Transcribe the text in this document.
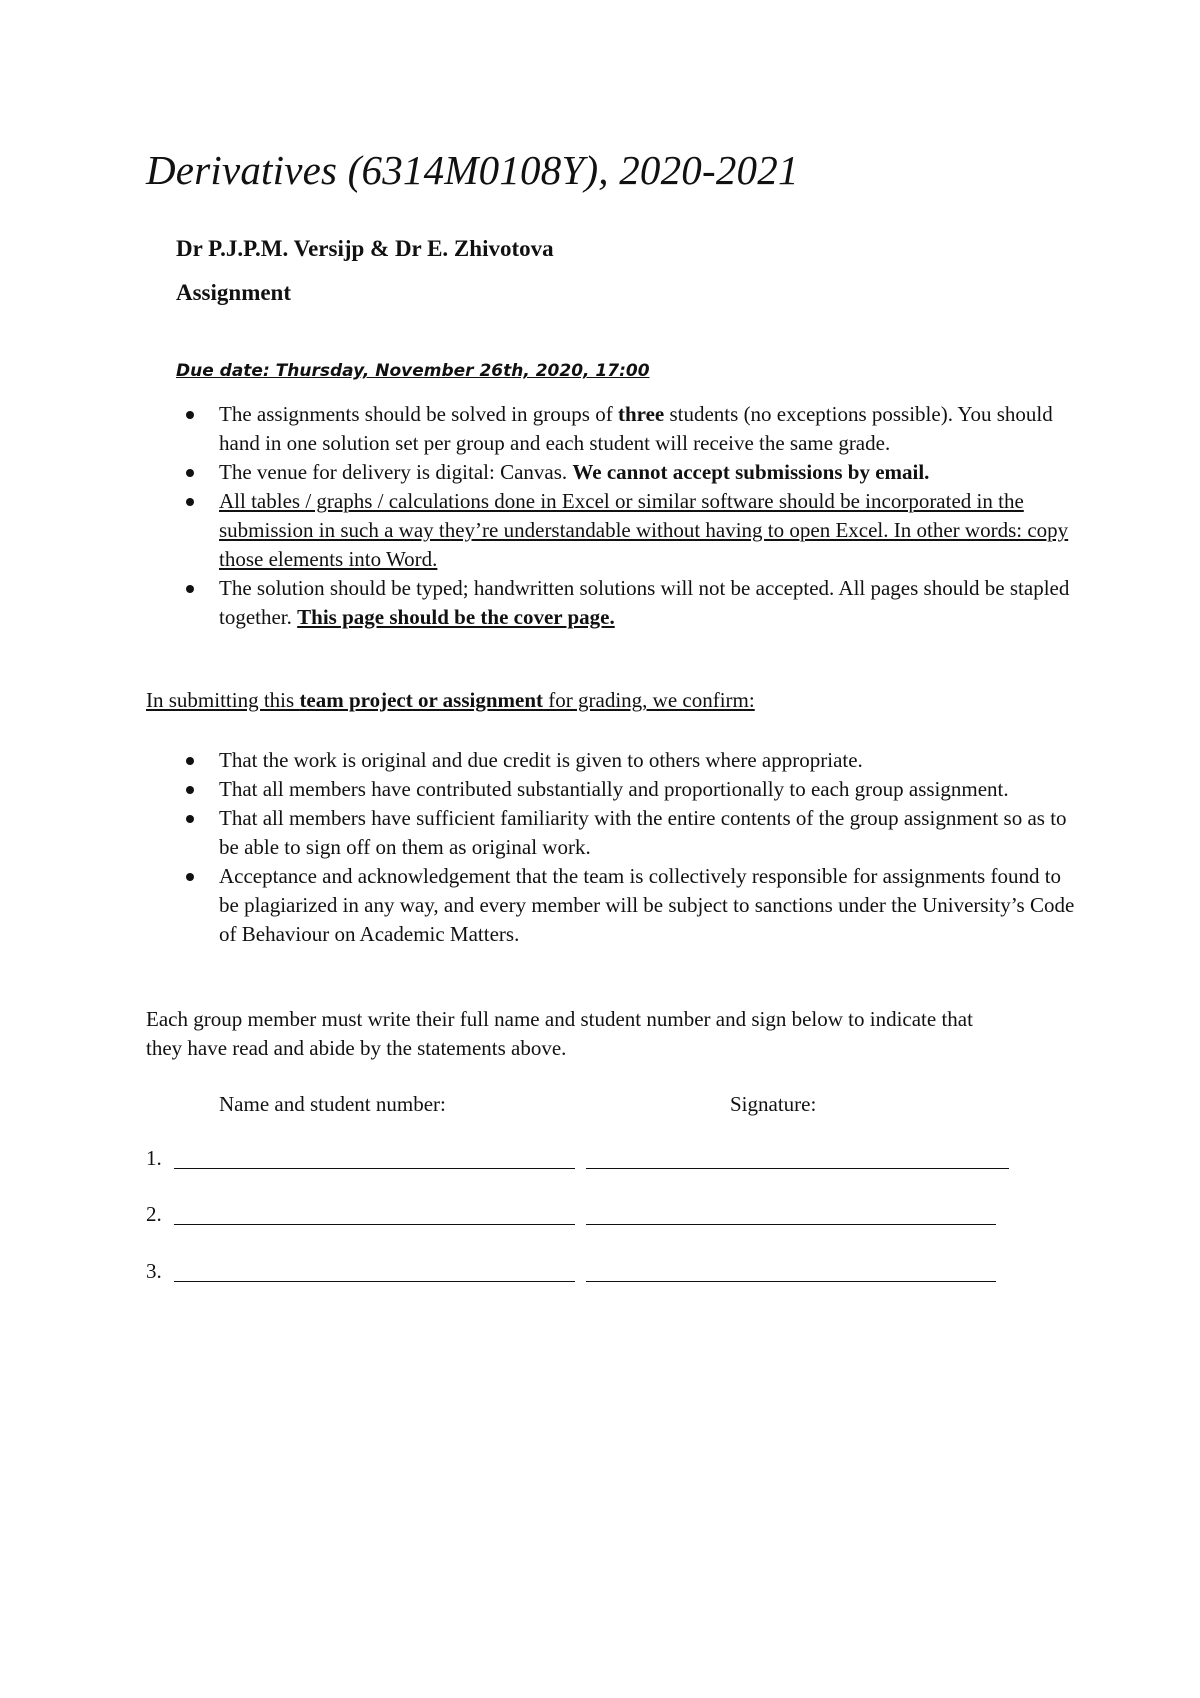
Derivatives (6314M0108Y), 2020-2021

Dr P.J.P.M. Versijp & Dr E. Zhivotova

Assignment

Due date: Thursday, November 26th, 2020, 17:00

The assignments should be solved in groups of three students (no exceptions possible). You should hand in one solution set per group and each student will receive the same grade.
The venue for delivery is digital: Canvas. We cannot accept submissions by email.
All tables / graphs / calculations done in Excel or similar software should be incorporated in the submission in such a way they’re understandable without having to open Excel. In other words: copy those elements into Word.
The solution should be typed; handwritten solutions will not be accepted. All pages should be stapled together. This page should be the cover page.

In submitting this team project or assignment for grading, we confirm:

That the work is original and due credit is given to others where appropriate.
That all members have contributed substantially and proportionally to each group assignment.
That all members have sufficient familiarity with the entire contents of the group assignment so as to be able to sign off on them as original work.
Acceptance and acknowledgement that the team is collectively responsible for assignments found to be plagiarized in any way, and every member will be subject to sanctions under the University’s Code of Behaviour on Academic Matters.

Each group member must write their full name and student number and sign below to indicate that they have read and abide by the statements above.

Name and student number:	Signature:

1.
2.
3.
